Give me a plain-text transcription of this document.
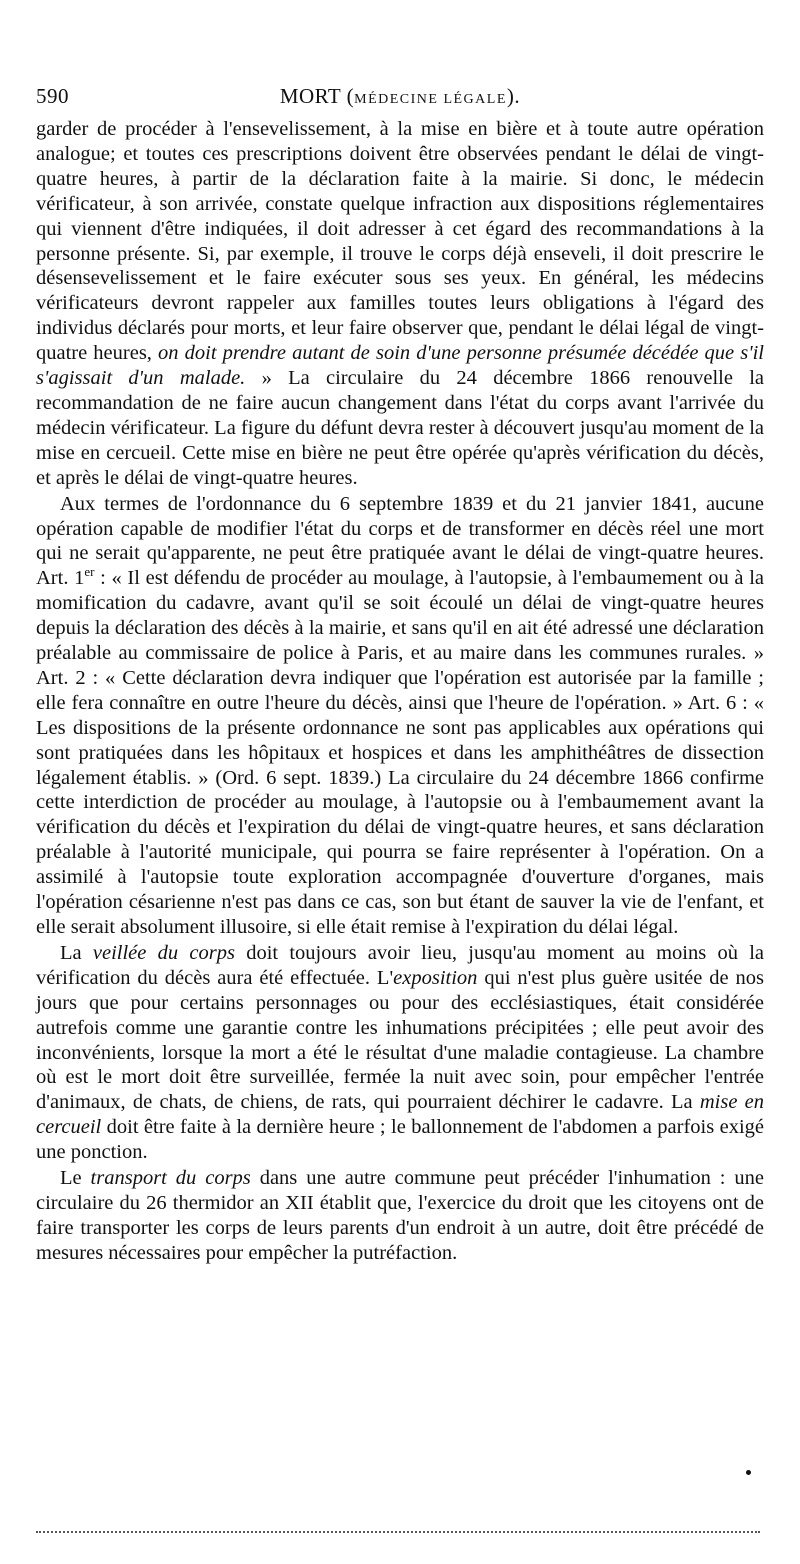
590	MORT (MÉDECINE LÉGALE).

garder de procéder à l'ensevelissement, à la mise en bière et à toute autre opération analogue; et toutes ces prescriptions doivent être observées pendant le délai de vingt-quatre heures, à partir de la déclaration faite à la mairie. Si donc, le médecin vérificateur, à son arrivée, constate quelque infraction aux dispositions réglementaires qui viennent d'être indiquées, il doit adresser à cet égard des recommandations à la personne présente. Si, par exemple, il trouve le corps déjà enseveli, il doit prescrire le désensevelissement et le faire exécuter sous ses yeux. En général, les médecins vérificateurs devront rappeler aux familles toutes leurs obligations à l'égard des individus déclarés pour morts, et leur faire observer que, pendant le délai légal de vingt-quatre heures, on doit prendre autant de soin d'une personne présumée décédée que s'il s'agissait d'un malade. » La circulaire du 24 décembre 1866 renouvelle la recommandation de ne faire aucun changement dans l'état du corps avant l'arrivée du médecin vérificateur. La figure du défunt devra rester à découvert jusqu'au moment de la mise en cercueil. Cette mise en bière ne peut être opérée qu'après vérification du décès, et après le délai de vingt-quatre heures.

Aux termes de l'ordonnance du 6 septembre 1839 et du 21 janvier 1841, aucune opération capable de modifier l'état du corps et de transformer en décès réel une mort qui ne serait qu'apparente, ne peut être pratiquée avant le délai de vingt-quatre heures. Art. 1er : « Il est défendu de procéder au moulage, à l'autopsie, à l'embaumement ou à la momification du cadavre, avant qu'il se soit écoulé un délai de vingt-quatre heures depuis la déclaration des décès à la mairie, et sans qu'il en ait été adressé une déclaration préalable au commissaire de police à Paris, et au maire dans les communes rurales. » Art. 2 : « Cette déclaration devra indiquer que l'opération est autorisée par la famille ; elle fera connaître en outre l'heure du décès, ainsi que l'heure de l'opération. » Art. 6 : « Les dispositions de la présente ordonnance ne sont pas applicables aux opérations qui sont pratiquées dans les hôpitaux et hospices et dans les amphithéâtres de dissection légalement établis. » (Ord. 6 sept. 1839.) La circulaire du 24 décembre 1866 confirme cette interdiction de procéder au moulage, à l'autopsie ou à l'embaumement avant la vérification du décès et l'expiration du délai de vingt-quatre heures, et sans déclaration préalable à l'autorité municipale, qui pourra se faire représenter à l'opération. On a assimilé à l'autopsie toute exploration accompagnée d'ouverture d'organes, mais l'opération césarienne n'est pas dans ce cas, son but étant de sauver la vie de l'enfant, et elle serait absolument illusoire, si elle était remise à l'expiration du délai légal.

La veillée du corps doit toujours avoir lieu, jusqu'au moment au moins où la vérification du décès aura été effectuée. L'exposition qui n'est plus guère usitée de nos jours que pour certains personnages ou pour des ecclésiastiques, était considérée autrefois comme une garantie contre les inhumations précipitées ; elle peut avoir des inconvénients, lorsque la mort a été le résultat d'une maladie contagieuse. La chambre où est le mort doit être surveillée, fermée la nuit avec soin, pour empêcher l'entrée d'animaux, de chats, de chiens, de rats, qui pourraient déchirer le cadavre. La mise en cercueil doit être faite à la dernière heure ; le ballonnement de l'abdomen a parfois exigé une ponction.

Le transport du corps dans une autre commune peut précéder l'inhumation : une circulaire du 26 thermidor an XII établit que, l'exercice du droit que les citoyens ont de faire transporter les corps de leurs parents d'un endroit à un autre, doit être précédé de mesures nécessaires pour empêcher la putréfaction.
